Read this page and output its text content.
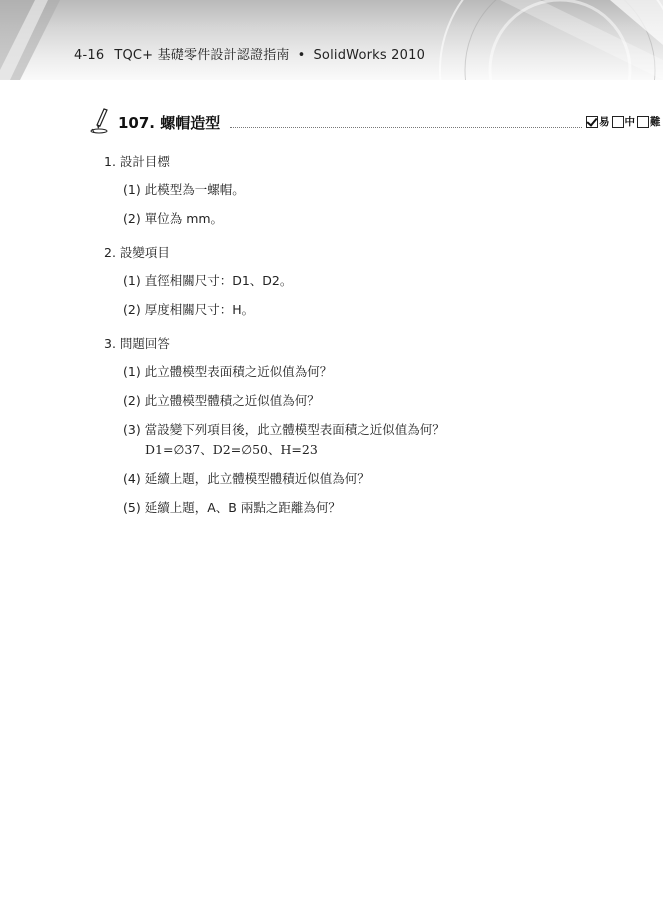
4-16 TQC+ 基礎零件設計認證指南 • SolidWorks 2010
107. 螺帽造型	易 中 難
1. 設計目標
(1) 此模型為一螺帽。
(2) 單位為 mm。
2. 設變項目
(1) 直徑相關尺寸：D1、D2。
(2) 厚度相關尺寸：H。
3. 問題回答
(1) 此立體模型表面積之近似值為何？
(2) 此立體模型體積之近似值為何？
(3) 當設變下列項目後，此立體模型表面積之近似值為何？
D1=∅37、D2=∅50、H=23
(4) 延續上題，此立體模型體積近似值為何？
(5) 延續上題，A、B 兩點之距離為何？
